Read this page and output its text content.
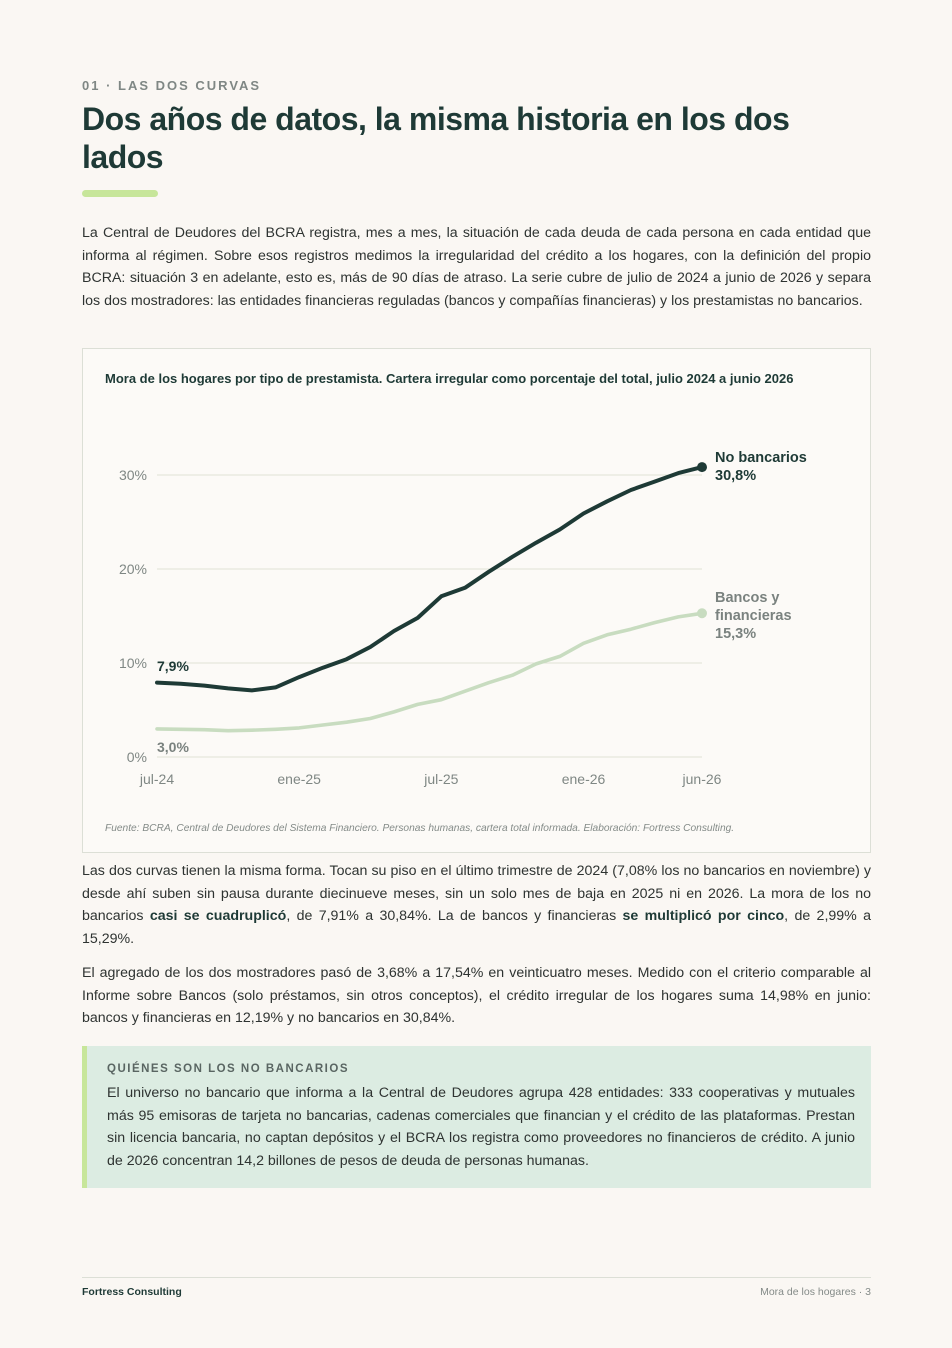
01 · LAS DOS CURVAS
Dos años de datos, la misma historia en los dos lados

La Central de Deudores del BCRA registra, mes a mes, la situación de cada deuda de cada persona en cada entidad que informa al régimen. Sobre esos registros medimos la irregularidad del crédito a los hogares, con la definición del propio BCRA: situación 3 en adelante, esto es, más de 90 días de atraso. La serie cubre de julio de 2024 a junio de 2026 y separa los dos mostradores: las entidades financieras reguladas (bancos y compañías financieras) y los prestamistas no bancarios.

Mora de los hogares por tipo de prestamista. Cartera irregular como porcentaje del total, julio 2024 a junio 2026
0%
10%
20%
30%
jul-24	ene-25	jul-25	ene-26	jun-26
7,9%
3,0%
No bancarios
30,8%
Bancos y
financieras
15,3%
Fuente: BCRA, Central de Deudores del Sistema Financiero. Personas humanas, cartera total informada. Elaboración: Fortress Consulting.

Las dos curvas tienen la misma forma. Tocan su piso en el último trimestre de 2024 (7,08% los no bancarios en noviembre) y desde ahí suben sin pausa durante diecinueve meses, sin un solo mes de baja en 2025 ni en 2026. La mora de los no bancarios casi se cuadruplicó, de 7,91% a 30,84%. La de bancos y financieras se multiplicó por cinco, de 2,99% a 15,29%.

El agregado de los dos mostradores pasó de 3,68% a 17,54% en veinticuatro meses. Medido con el criterio comparable al Informe sobre Bancos (solo préstamos, sin otros conceptos), el crédito irregular de los hogares suma 14,98% en junio: bancos y financieras en 12,19% y no bancarios en 30,84%.

QUIÉNES SON LOS NO BANCARIOS

El universo no bancario que informa a la Central de Deudores agrupa 428 entidades: 333 cooperativas y mutuales más 95 emisoras de tarjeta no bancarias, cadenas comerciales que financian y el crédito de las plataformas. Prestan sin licencia bancaria, no captan depósitos y el BCRA los registra como proveedores no financieros de crédito. A junio de 2026 concentran 14,2 billones de pesos de deuda de personas humanas.

Fortress Consulting	Mora de los hogares · 3
